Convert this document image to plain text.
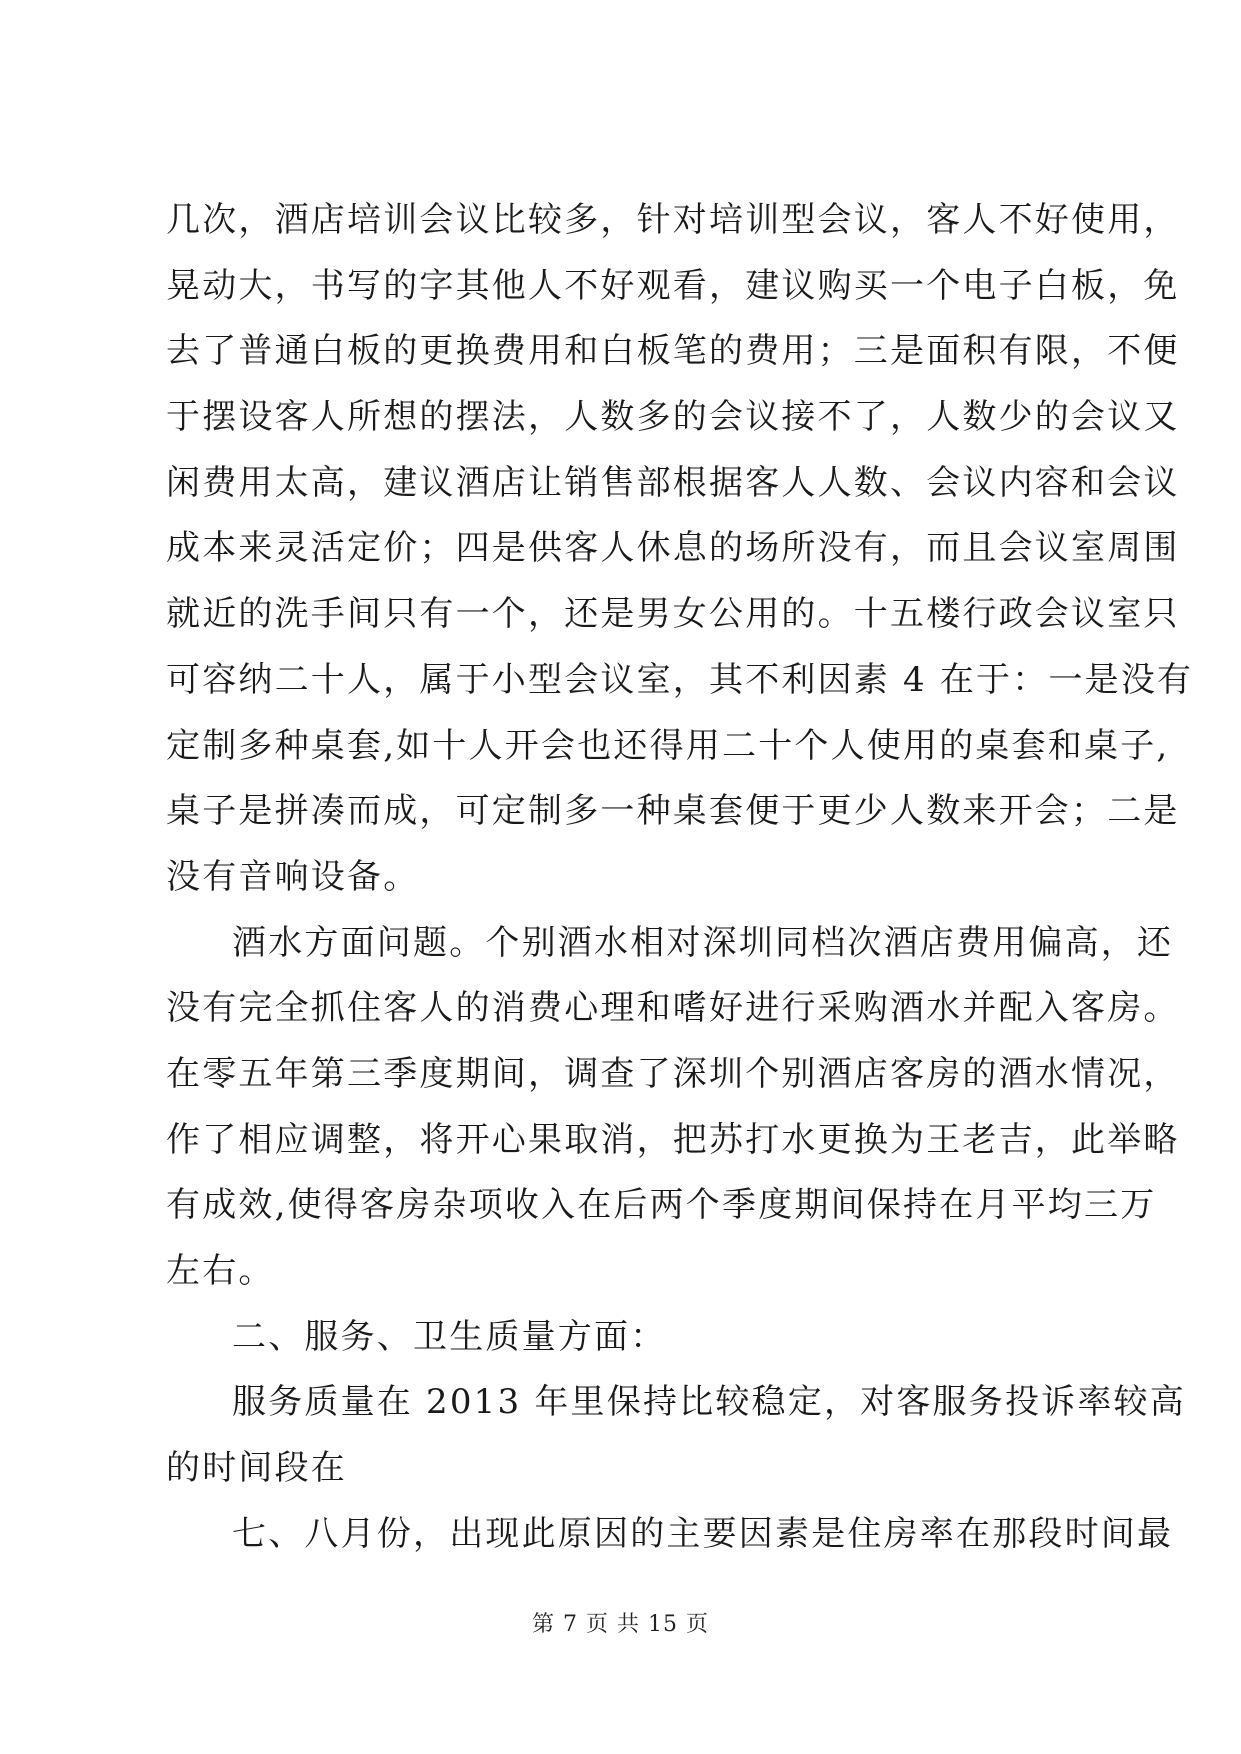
几次，酒店培训会议比较多，针对培训型会议，客人不好使用，
晃动大，书写的字其他人不好观看，建议购买一个电子白板，免
去了普通白板的更换费用和白板笔的费用；三是面积有限，不便
于摆设客人所想的摆法，人数多的会议接不了，人数少的会议又
闲费用太高，建议酒店让销售部根据客人人数、会议内容和会议
成本来灵活定价；四是供客人休息的场所没有，而且会议室周围
就近的洗手间只有一个，还是男女公用的。十五楼行政会议室只
可容纳二十人，属于小型会议室，其不利因素 4 在于：一是没有
定制多种桌套,如十人开会也还得用二十个人使用的桌套和桌子,
桌子是拼凑而成，可定制多一种桌套便于更少人数来开会；二是
没有音响设备。
酒水方面问题。个别酒水相对深圳同档次酒店费用偏高，还
没有完全抓住客人的消费心理和嗜好进行采购酒水并配入客房。
在零五年第三季度期间，调查了深圳个别酒店客房的酒水情况，
作了相应调整，将开心果取消，把苏打水更换为王老吉，此举略
有成效,使得客房杂项收入在后两个季度期间保持在月平均三万
左右。
二、服务、卫生质量方面：
服务质量在 2013 年里保持比较稳定，对客服务投诉率较高
的时间段在
七、八月份，出现此原因的主要因素是住房率在那段时间最
第 7 页 共 15 页
